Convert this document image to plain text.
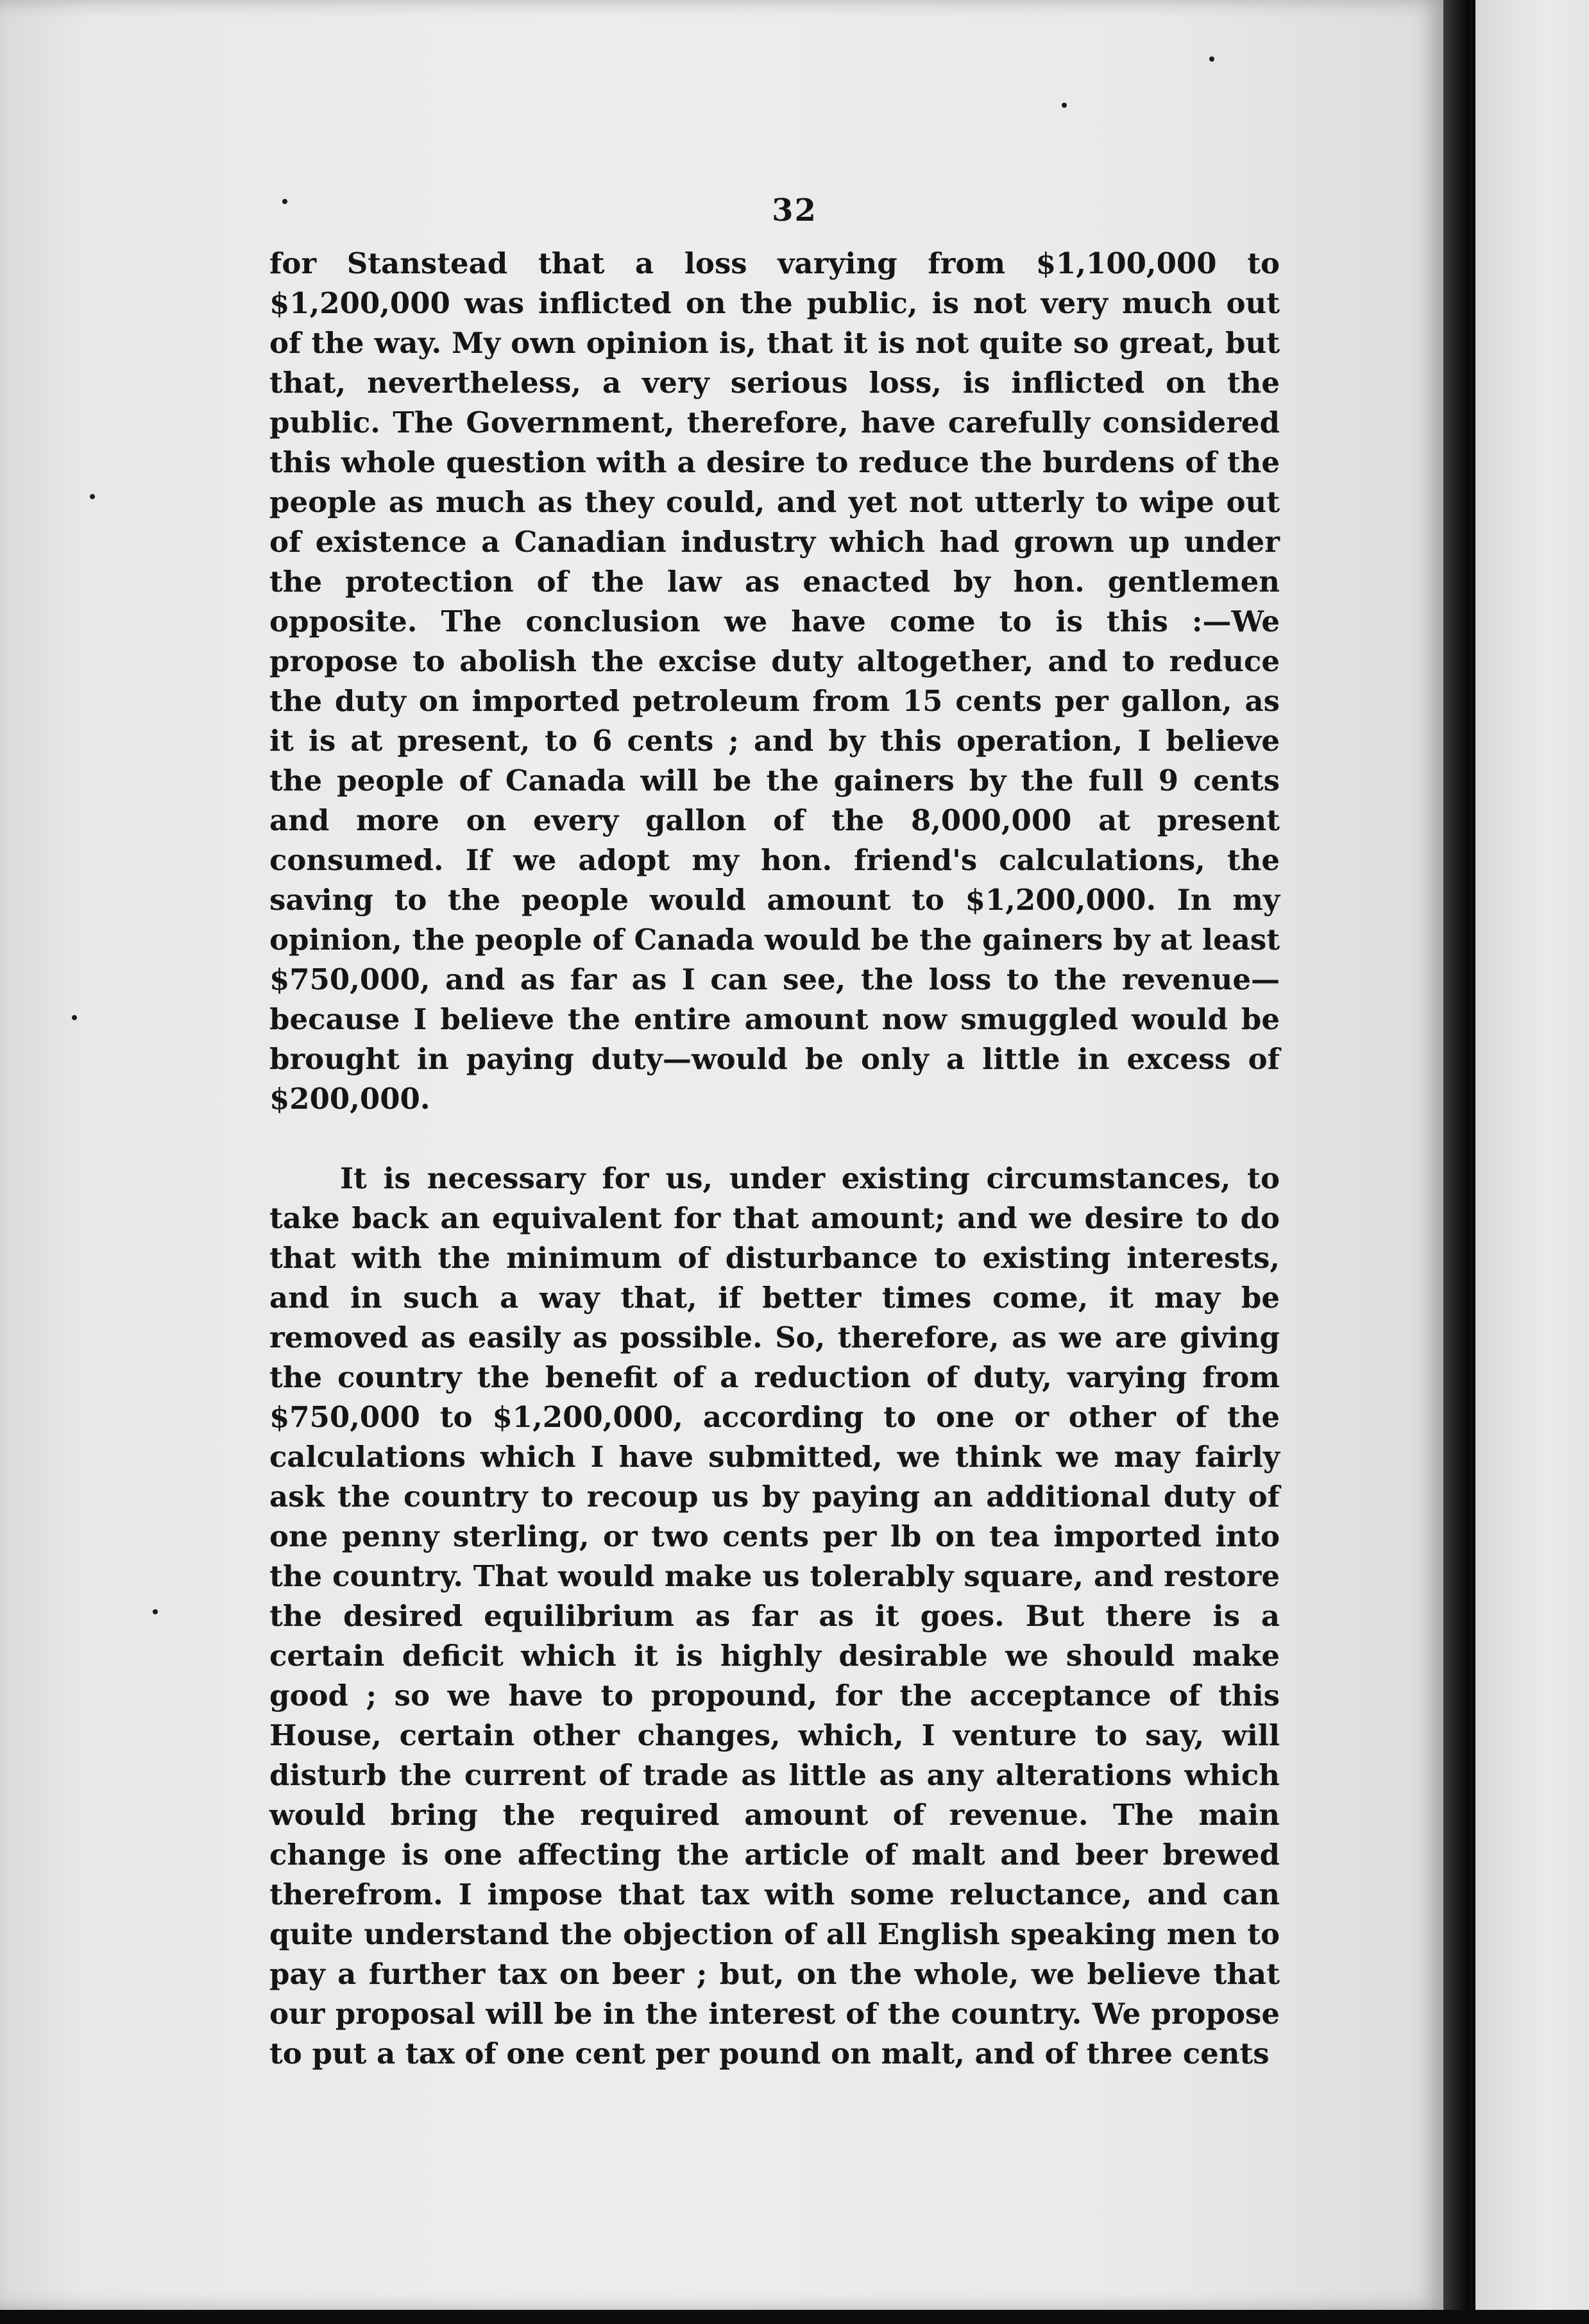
32

for Stanstead that a loss varying from $1,100,000 to $1,200,000 was inflicted on the public, is not very much out of the way. My own opinion is, that it is not quite so great, but that, nevertheless, a very serious loss, is inflicted on the public. The Government, therefore, have carefully considered this whole question with a desire to reduce the burdens of the people as much as they could, and yet not utterly to wipe out of existence a Canadian industry which had grown up under the protection of the law as enacted by hon. gentlemen opposite. The conclusion we have come to is this :—We propose to abolish the excise duty altogether, and to reduce the duty on imported petroleum from 15 cents per gallon, as it is at present, to 6 cents ; and by this operation, I believe the people of Canada will be the gainers by the full 9 cents and more on every gallon of the 8,000,000 at present consumed. If we adopt my hon. friend's calculations, the saving to the people would amount to $1,200,000. In my opinion, the people of Canada would be the gainers by at least $750,000, and as far as I can see, the loss to the revenue—because I believe the entire amount now smuggled would be brought in paying duty—would be only a little in excess of $200,000.

It is necessary for us, under existing circumstances, to take back an equivalent for that amount; and we desire to do that with the minimum of disturbance to existing interests, and in such a way that, if better times come, it may be removed as easily as possible. So, therefore, as we are giving the country the benefit of a reduction of duty, varying from $750,000 to $1,200,000, according to one or other of the calculations which I have submitted, we think we may fairly ask the country to recoup us by paying an additional duty of one penny sterling, or two cents per lb on tea imported into the country. That would make us tolerably square, and restore the desired equilibrium as far as it goes. But there is a certain deficit which it is highly desirable we should make good ; so we have to propound, for the acceptance of this House, certain other changes, which, I venture to say, will disturb the current of trade as little as any alterations which would bring the required amount of revenue. The main change is one affecting the article of malt and beer brewed therefrom. I impose that tax with some reluctance, and can quite understand the objection of all English speaking men to pay a further tax on beer ; but, on the whole, we believe that our proposal will be in the interest of the country. We propose to put a tax of one cent per pound on malt, and of three cents
